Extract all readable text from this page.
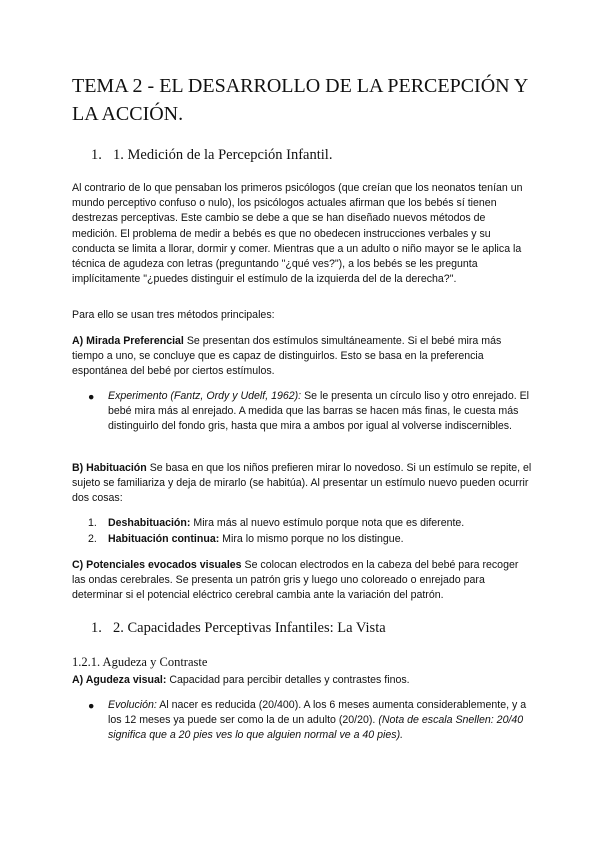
TEMA 2 - EL DESARROLLO DE LA PERCEPCIÓN Y LA ACCIÓN.
1. 1. Medición de la Percepción Infantil.

Al contrario de lo que pensaban los primeros psicólogos (que creían que los neonatos tenían un mundo perceptivo confuso o nulo), los psicólogos actuales afirman que los bebés sí tienen destrezas perceptivas. Este cambio se debe a que se han diseñado nuevos métodos de medición. El problema de medir a bebés es que no obedecen instrucciones verbales y su conducta se limita a llorar, dormir y comer. Mientras que a un adulto o niño mayor se le aplica la técnica de agudeza con letras (preguntando "¿qué ves?"), a los bebés se les pregunta implícitamente "¿puedes distinguir el estímulo de la izquierda del de la derecha?".

Para ello se usan tres métodos principales:

A) Mirada Preferencial Se presentan dos estímulos simultáneamente. Si el bebé mira más tiempo a uno, se concluye que es capaz de distinguirlos. Esto se basa en la preferencia espontánea del bebé por ciertos estímulos.

● Experimento (Fantz, Ordy y Udelf, 1962): Se le presenta un círculo liso y otro enrejado. El bebé mira más al enrejado. A medida que las barras se hacen más finas, le cuesta más distinguirlo del fondo gris, hasta que mira a ambos por igual al volverse indiscernibles.

B) Habituación Se basa en que los niños prefieren mirar lo novedoso. Si un estímulo se repite, el sujeto se familiariza y deja de mirarlo (se habitúa). Al presentar un estímulo nuevo pueden ocurrir dos cosas:

1. Deshabituación: Mira más al nuevo estímulo porque nota que es diferente.

2. Habituación continua: Mira lo mismo porque no los distingue.

C) Potenciales evocados visuales Se colocan electrodos en la cabeza del bebé para recoger las ondas cerebrales. Se presenta un patrón gris y luego uno coloreado o enrejado para determinar si el potencial eléctrico cerebral cambia ante la variación del patrón.

1. 2. Capacidades Perceptivas Infantiles: La Vista
1.2.1. Agudeza y Contraste

A) Agudeza visual: Capacidad para percibir detalles y contrastes finos.

● Evolución: Al nacer es reducida (20/400). A los 6 meses aumenta considerablemente, y a los 12 meses ya puede ser como la de un adulto (20/20). (Nota de escala Snellen: 20/40 significa que a 20 pies ves lo que alguien normal ve a 40 pies).
